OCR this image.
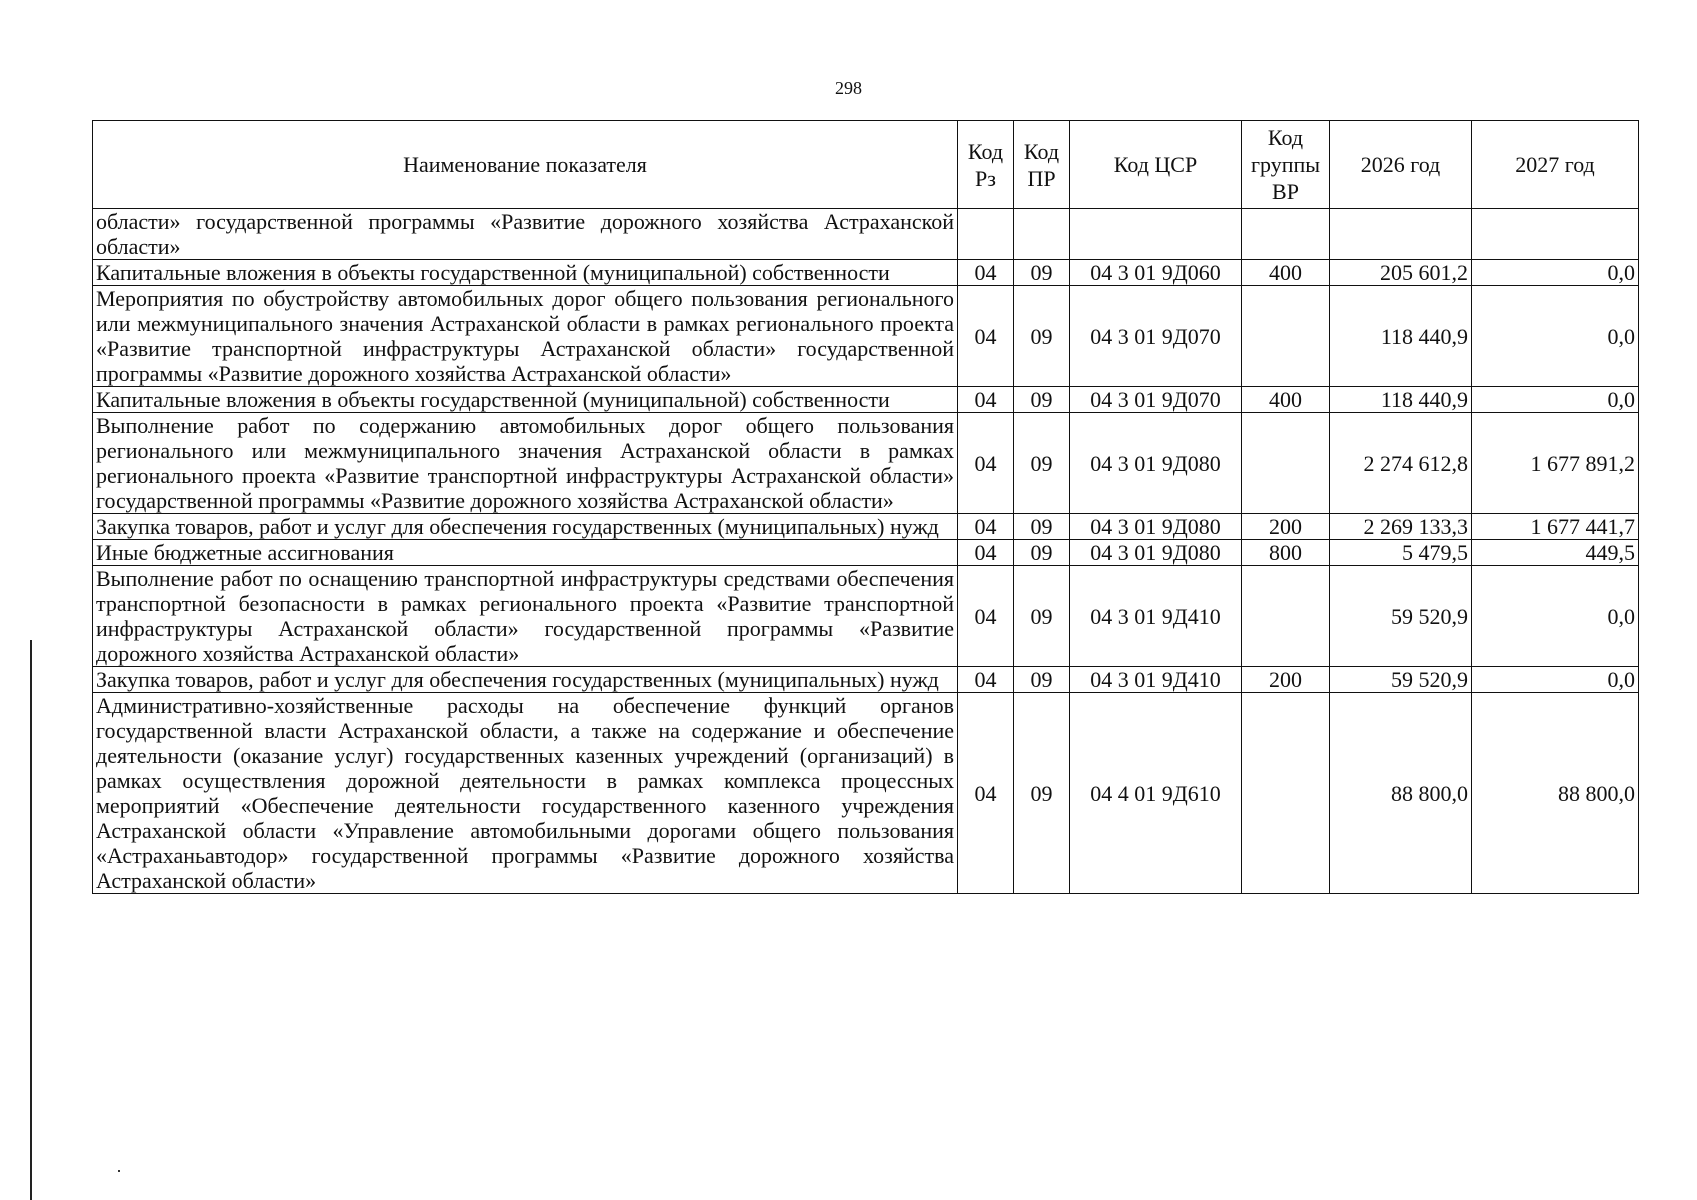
298
Наименование показателя	Код Рз	Код ПР	Код ЦСР	Код группы ВР	2026 год	2027 год
области» государственной программы «Развитие дорожного хозяйства Астраханской области»						
Капитальные вложения в объекты государственной (муниципальной) собственности	04	09	04 3 01 9Д060	400	205 601,2	0,0
Мероприятия по обустройству автомобильных дорог общего пользования регионального или межмуниципального значения Астраханской области в рамках регионального проекта «Развитие транспортной инфраструктуры Астраханской области» государственной программы «Развитие дорожного хозяйства Астраханской области»	04	09	04 3 01 9Д070		118 440,9	0,0
Капитальные вложения в объекты государственной (муниципальной) собственности	04	09	04 3 01 9Д070	400	118 440,9	0,0
Выполнение работ по содержанию автомобильных дорог общего пользования регионального или межмуниципального значения Астраханской области в рамках регионального проекта «Развитие транспортной инфраструктуры Астраханской области» государственной программы «Развитие дорожного хозяйства Астраханской области»	04	09	04 3 01 9Д080		2 274 612,8	1 677 891,2
Закупка товаров, работ и услуг для обеспечения государственных (муниципальных) нужд	04	09	04 3 01 9Д080	200	2 269 133,3	1 677 441,7
Иные бюджетные ассигнования	04	09	04 3 01 9Д080	800	5 479,5	449,5
Выполнение работ по оснащению транспортной инфраструктуры средствами обеспечения транспортной безопасности в рамках регионального проекта «Развитие транспортной инфраструктуры Астраханской области» государственной программы «Развитие дорожного хозяйства Астраханской области»	04	09	04 3 01 9Д410		59 520,9	0,0
Закупка товаров, работ и услуг для обеспечения государственных (муниципальных) нужд	04	09	04 3 01 9Д410	200	59 520,9	0,0
Административно-хозяйственные расходы на обеспечение функций органов государственной власти Астраханской области, а также на содержание и обеспечение деятельности (оказание услуг) государственных казенных учреждений (организаций) в рамках осуществления дорожной деятельности в рамках комплекса процессных мероприятий «Обеспечение деятельности государственного казенного учреждения Астраханской области «Управление автомобильными дорогами общего пользования «Астраханьавтодор» государственной программы «Развитие дорожного хозяйства Астраханской области»	04	09	04 4 01 9Д610		88 800,0	88 800,0
